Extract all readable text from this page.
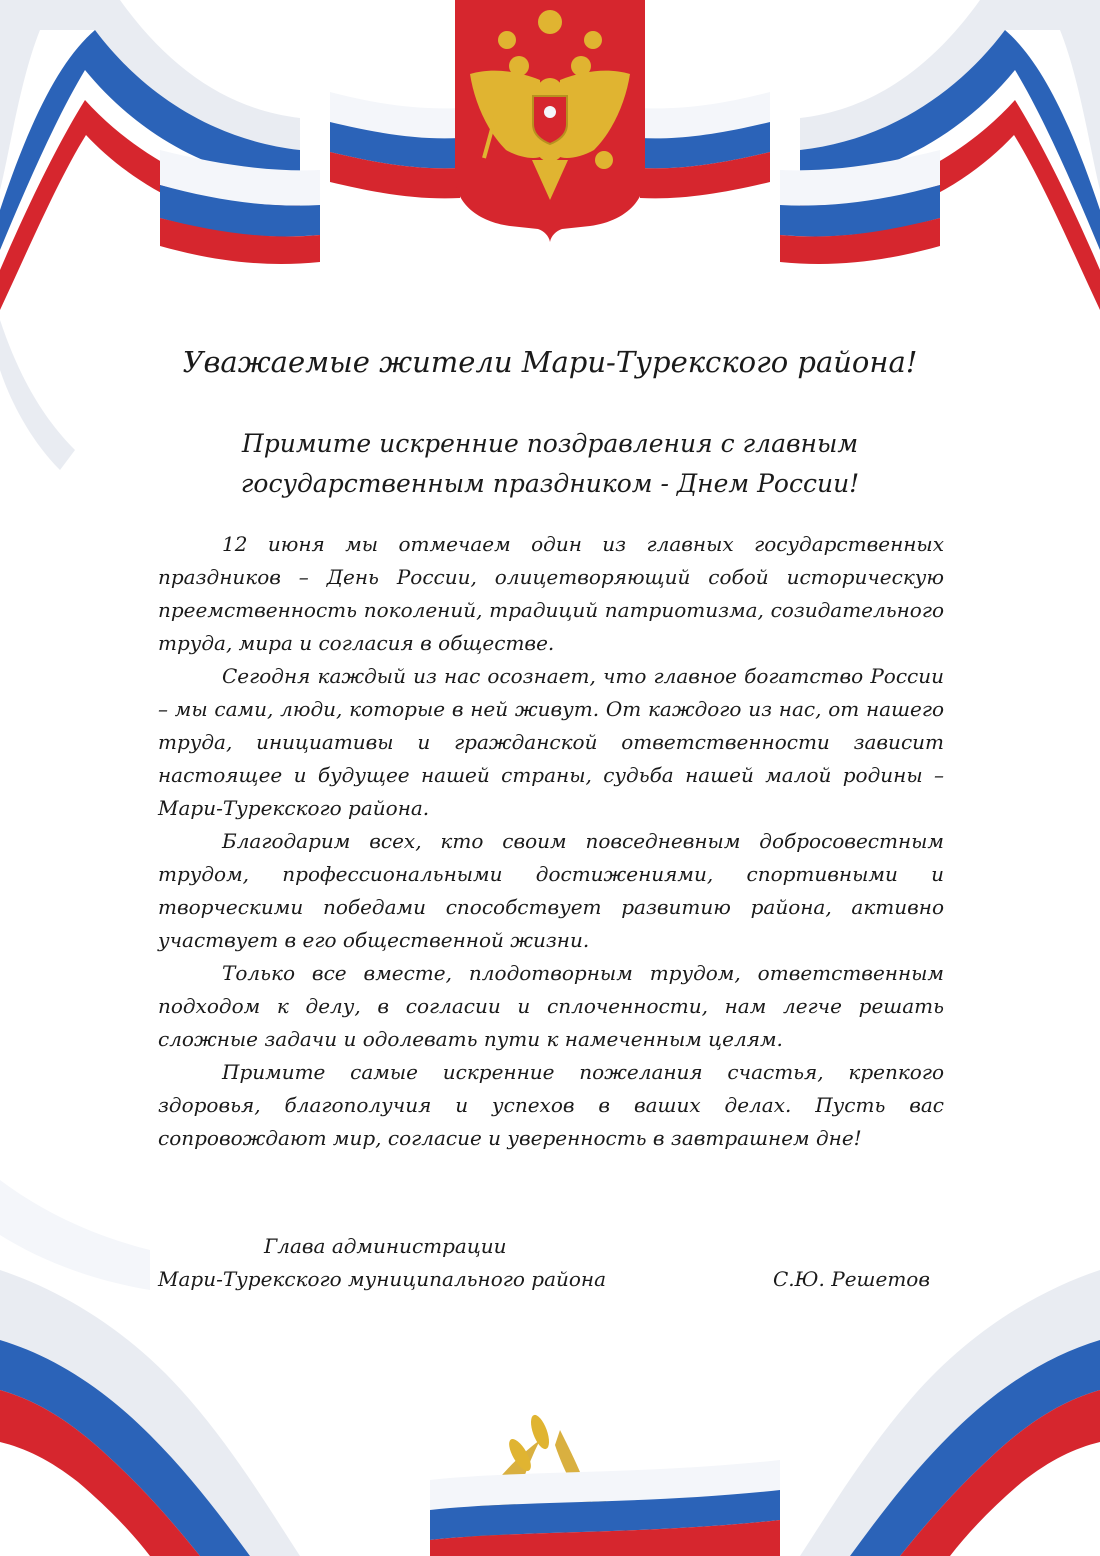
Уважаемые жители Мари-Турекского района!
Примите искренние поздравления с главным
государственным праздником - Днем России!

12 июня мы отмечаем один из главных государственных праздников – День России, олицетворяющий собой историческую преемственность поколений, традиций патриотизма, созидательного труда, мира и согласия в обществе.

Сегодня каждый из нас осознает, что главное богатство России – мы сами, люди, которые в ней живут. От каждого из нас, от нашего труда, инициативы и гражданской ответственности зависит настоящее и будущее нашей страны, судьба нашей малой родины – Мари-Турекского района.

Благодарим всех, кто своим повседневным добросовестным трудом, профессиональными достижениями, спортивными и творческими победами способствует развитию района, активно участвует в его общественной жизни.

Только все вместе, плодотворным трудом, ответственным подходом к делу, в согласии и сплоченности, нам легче решать сложные задачи и одолевать пути к намеченным целям.

Примите самые искренние пожелания счастья, крепкого здоровья, благополучия и успехов в ваших делах. Пусть вас сопровождают мир, согласие и уверенность в завтрашнем дне!

Глава администрации
Мари-Турекского муниципального района	С.Ю. Решетов
